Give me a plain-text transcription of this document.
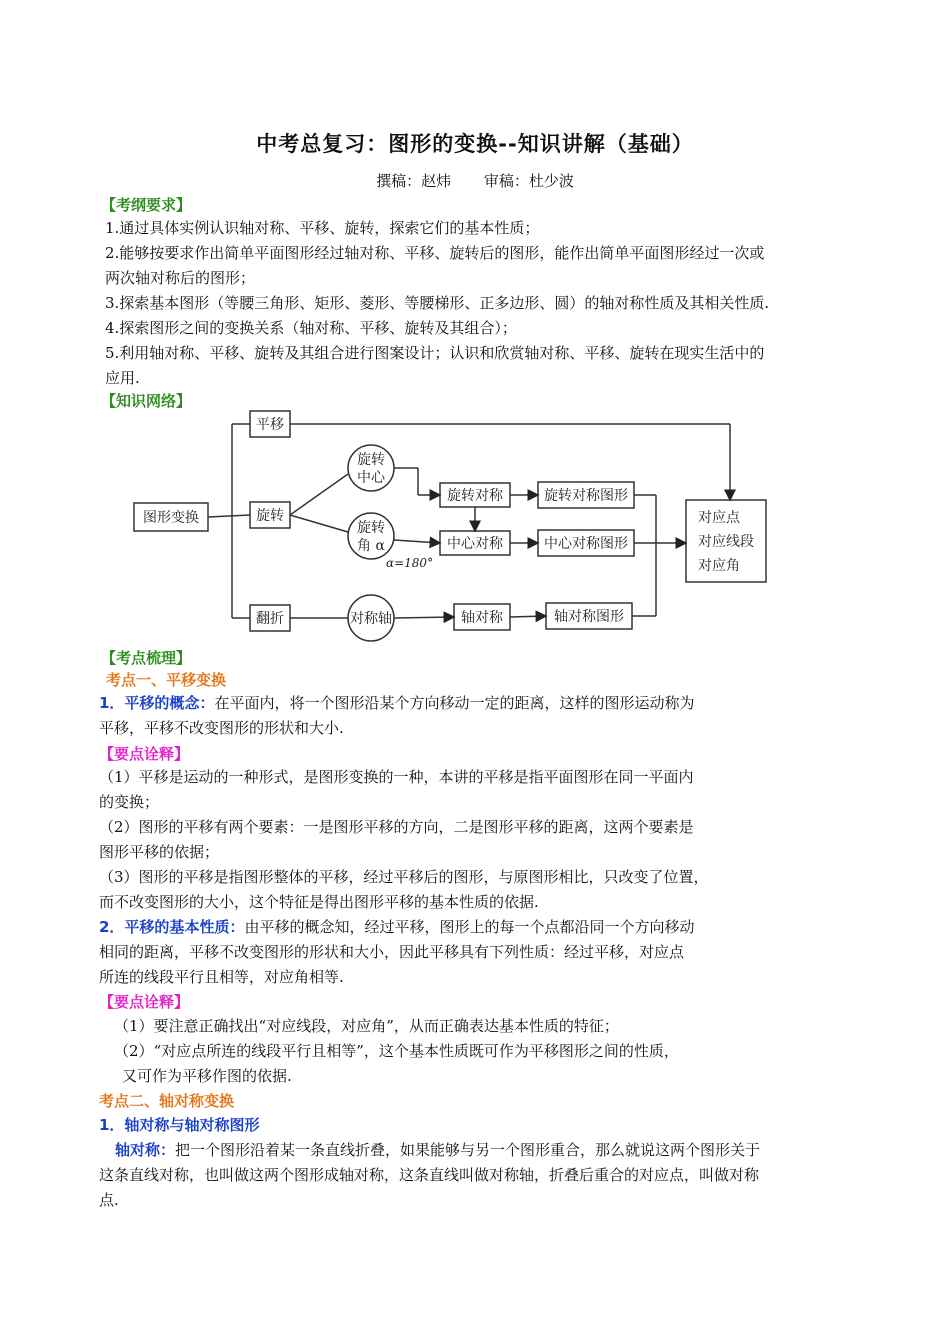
中考总复习：图形的变换--知识讲解（基础）
撰稿：赵炜 审稿：杜少波
【考纲要求】

1.通过具体实例认识轴对称、平移、旋转，探索它们的基本性质；

2.能够按要求作出简单平面图形经过轴对称、平移、旋转后的图形，能作出简单平面图形经过一次或

两次轴对称后的图形；

3.探索基本图形（等腰三角形、矩形、菱形、等腰梯形、正多边形、圆）的轴对称性质及其相关性质.

4.探索图形之间的变换关系（轴对称、平移、旋转及其组合）；

5.利用轴对称、平移、旋转及其组合进行图案设计；认识和欣赏轴对称、平移、旋转在现实生活中的

应用.

【知识网络】
图形变换
平移
旋转
翻折
旋转
中心
旋转
角 α
α=180°
对称轴
旋转对称	旋转对称图形
中心对称	中心对称图形
轴对称	轴对称图形
对应点
对应线段
对应角
【考点梳理】
考点一、平移变换

1．平移的概念：在平面内，将一个图形沿某个方向移动一定的距离，这样的图形运动称为

平移，平移不改变图形的形状和大小.

【要点诠释】

（1）平移是运动的一种形式，是图形变换的一种，本讲的平移是指平面图形在同一平面内

的变换；

（2）图形的平移有两个要素：一是图形平移的方向，二是图形平移的距离，这两个要素是

图形平移的依据；

（3）图形的平移是指图形整体的平移，经过平移后的图形，与原图形相比，只改变了位置，

而不改变图形的大小，这个特征是得出图形平移的基本性质的依据.

2．平移的基本性质：由平移的概念知，经过平移，图形上的每一个点都沿同一个方向移动

相同的距离，平移不改变图形的形状和大小，因此平移具有下列性质：经过平移，对应点

所连的线段平行且相等，对应角相等.

【要点诠释】

（1）要注意正确找出“对应线段，对应角”，从而正确表达基本性质的特征；

（2）“对应点所连的线段平行且相等”，这个基本性质既可作为平移图形之间的性质，

又可作为平移作图的依据.

考点二、轴对称变换
1．轴对称与轴对称图形

轴对称：把一个图形沿着某一条直线折叠，如果能够与另一个图形重合，那么就说这两个图形关于

这条直线对称，也叫做这两个图形成轴对称，这条直线叫做对称轴，折叠后重合的对应点，叫做对称

点.
